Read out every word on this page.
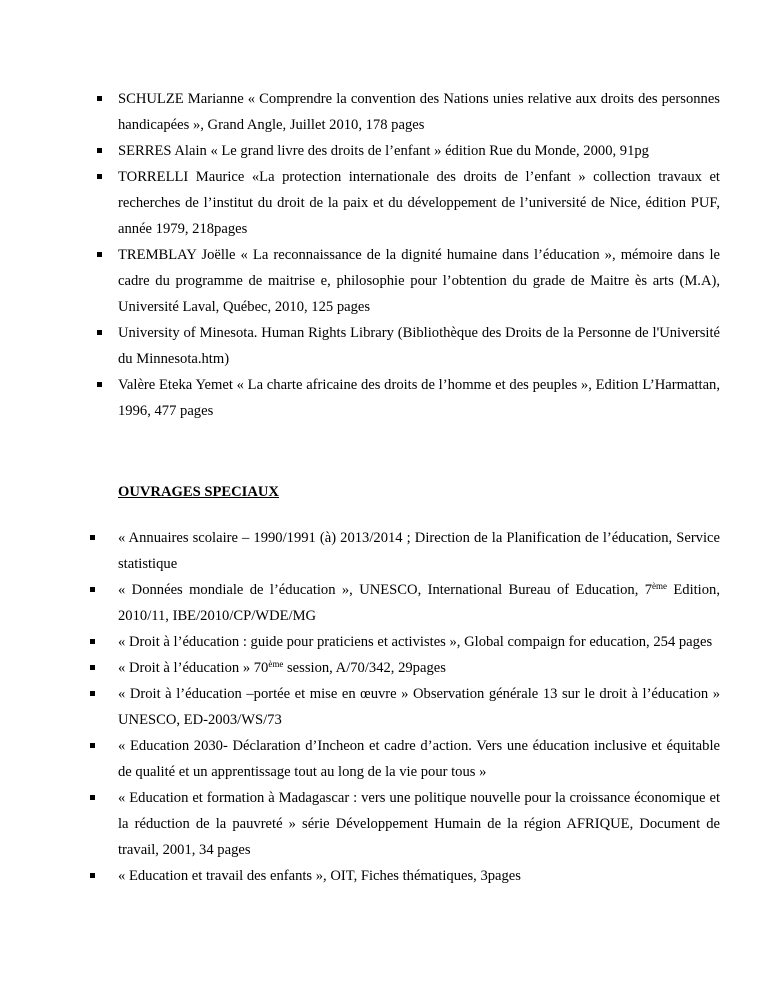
SCHULZE Marianne « Comprendre la convention des Nations unies relative aux droits des personnes handicapées », Grand Angle, Juillet 2010, 178 pages
SERRES Alain « Le grand livre des droits de l’enfant » édition Rue du Monde, 2000, 91pg
TORRELLI Maurice «La protection internationale des droits de l’enfant » collection travaux et recherches de l’institut du droit de la paix et du développement de l’université de Nice, édition PUF, année 1979, 218pages
TREMBLAY Joëlle « La reconnaissance de la dignité humaine dans l’éducation », mémoire dans le cadre du programme de maitrise e, philosophie pour l’obtention du grade de Maitre ès arts (M.A), Université Laval, Québec, 2010, 125 pages
University of Minesota. Human Rights Library (Bibliothèque des Droits de la Personne de l'Université du Minnesota.htm)
Valère Eteka Yemet « La charte africaine des droits de l’homme et des peuples », Edition L’Harmattan, 1996, 477 pages
OUVRAGES SPECIAUX
« Annuaires scolaire – 1990/1991 (à) 2013/2014 ; Direction de la Planification de l’éducation, Service statistique
« Données mondiale de l’éducation », UNESCO, International Bureau of Education, 7ème Edition, 2010/11, IBE/2010/CP/WDE/MG
« Droit à l’éducation : guide pour praticiens et activistes », Global compaign for education, 254 pages
« Droit à l’éducation » 70ème session, A/70/342, 29pages
« Droit à l’éducation –portée et mise en œuvre » Observation générale 13 sur le droit à l’éducation » UNESCO, ED-2003/WS/73
« Education 2030- Déclaration d’Incheon et cadre d’action. Vers une éducation inclusive et équitable de qualité et un apprentissage tout au long de la vie pour tous »
« Education et formation à Madagascar : vers une politique nouvelle pour la croissance économique et la réduction de la pauvreté » série Développement Humain de la région AFRIQUE, Document de travail, 2001, 34 pages
« Education et travail des enfants », OIT, Fiches thématiques, 3pages
